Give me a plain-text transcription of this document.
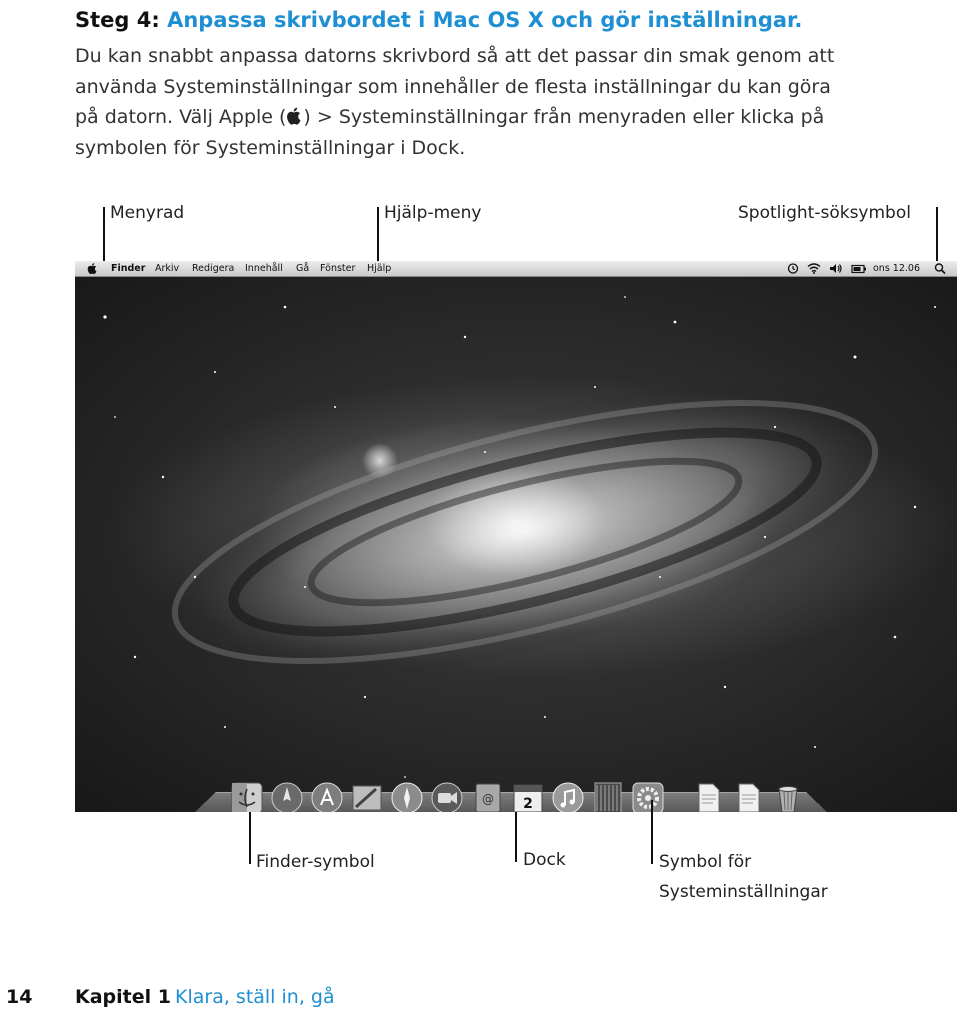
Steg 4: Anpassa skrivbordet i Mac OS X och gör inställningar.
Du kan snabbt anpassa datorns skrivbord så att det passar din smak genom att
använda Systeminställningar som innehåller de flesta inställningar du kan göra
på datorn. Välj Apple ( ) > Systeminställningar från menyraden eller klicka på
symbolen för Systeminställningar i Dock.
Menyrad	Hjälp-meny	Spotlight-söksymbol
@ 2
Finder Arkiv Redigera Innehåll Gå Fönster Hjälp	ons 12.06
Finder-symbol	Dock	Symbol för
Systeminställningar
14 Kapitel 1 Klara, ställ in, gå
